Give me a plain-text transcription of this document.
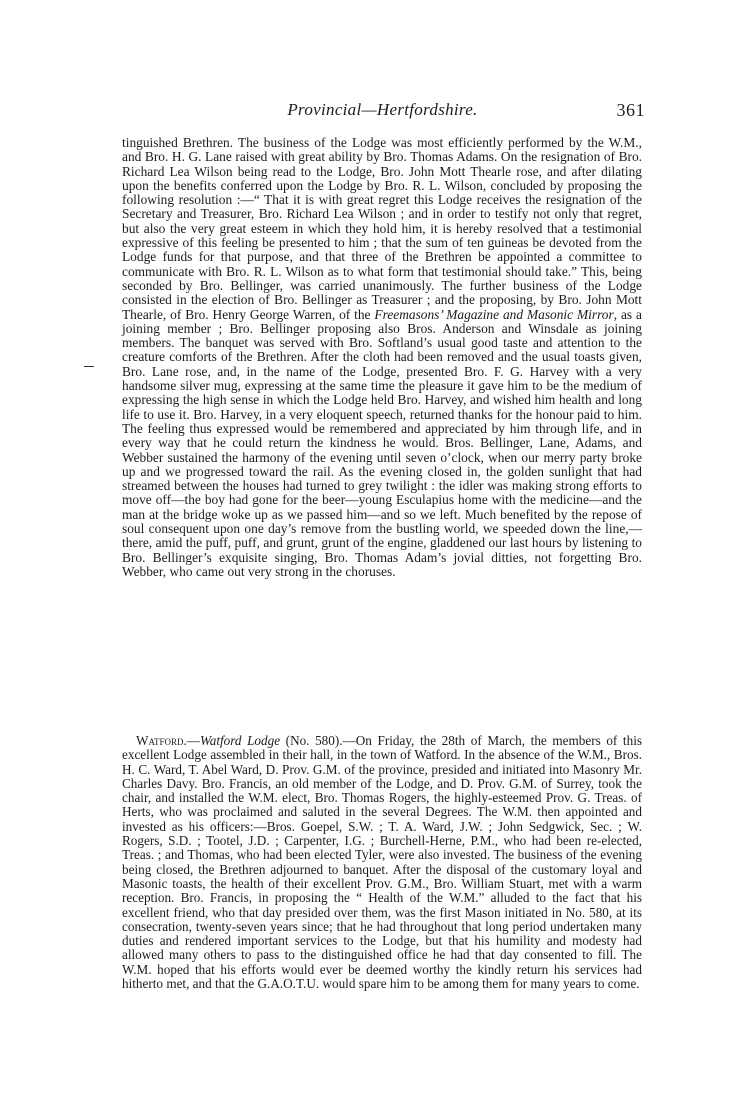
Provincial—Hertfordshire.	361

tinguished Brethren. The business of the Lodge was most efficiently performed by the W.M., and Bro. H. G. Lane raised with great ability by Bro. Thomas Adams. On the resignation of Bro. Richard Lea Wilson being read to the Lodge, Bro. John Mott Thearle rose, and after dilating upon the benefits conferred upon the Lodge by Bro. R. L. Wilson, concluded by proposing the following resolution :—“ That it is with great regret this Lodge receives the resignation of the Secretary and Treasurer, Bro. Richard Lea Wilson ; and in order to testify not only that regret, but also the very great esteem in which they hold him, it is hereby resolved that a testimonial expressive of this feeling be presented to him ; that the sum of ten guineas be devoted from the Lodge funds for that purpose, and that three of the Brethren be appointed a committee to communicate with Bro. R. L. Wilson as to what form that testimonial should take.” This, being seconded by Bro. Bellinger, was carried unanimously. The further business of the Lodge consisted in the election of Bro. Bellinger as Treasurer ; and the proposing, by Bro. John Mott Thearle, of Bro. Henry George Warren, of the Freemasons’ Magazine and Masonic Mirror, as a joining member ; Bro. Bellinger proposing also Bros. Anderson and Winsdale as joining members. The banquet was served with Bro. Softland’s usual good taste and attention to the creature comforts of the Brethren. After the cloth had been removed and the usual toasts given, Bro. Lane rose, and, in the name of the Lodge, presented Bro. F. G. Harvey with a very handsome silver mug, expressing at the same time the pleasure it gave him to be the medium of expressing the high sense in which the Lodge held Bro. Harvey, and wished him health and long life to use it. Bro. Harvey, in a very eloquent speech, returned thanks for the honour paid to him. The feeling thus expressed would be remembered and appreciated by him through life, and in every way that he could return the kindness he would. Bros. Bellinger, Lane, Adams, and Webber sustained the harmony of the evening until seven o’clock, when our merry party broke up and we progressed toward the rail. As the evening closed in, the golden sunlight that had streamed between the houses had turned to grey twilight : the idler was making strong efforts to move off—the boy had gone for the beer—young Esculapius home with the medicine—and the man at the bridge woke up as we passed him—and so we left. Much benefited by the repose of soul consequent upon one day’s remove from the bustling world, we speeded down the line,—there, amid the puff, puff, and grunt, grunt of the engine, gladdened our last hours by listening to Bro. Bellinger’s exquisite singing, Bro. Thomas Adam’s jovial ditties, not forgetting Bro. Webber, who came out very strong in the choruses.

Watford.—Watford Lodge (No. 580).—On Friday, the 28th of March, the members of this excellent Lodge assembled in their hall, in the town of Watford. In the absence of the W.M., Bros. H. C. Ward, T. Abel Ward, D. Prov. G.M. of the province, presided and initiated into Masonry Mr. Charles Davy. Bro. Francis, an old member of the Lodge, and D. Prov. G.M. of Surrey, took the chair, and installed the W.M. elect, Bro. Thomas Rogers, the highly-esteemed Prov. G. Treas. of Herts, who was proclaimed and saluted in the several Degrees. The W.M. then appointed and invested as his officers:—Bros. Goepel, S.W. ; T. A. Ward, J.W. ; John Sedgwick, Sec. ; W. Rogers, S.D. ; Tootel, J.D. ; Carpenter, I.G. ; Burchell-Herne, P.M., who had been re-elected, Treas. ; and Thomas, who had been elected Tyler, were also invested. The business of the evening being closed, the Brethren adjourned to banquet. After the disposal of the customary loyal and Masonic toasts, the health of their excellent Prov. G.M., Bro. William Stuart, met with a warm reception. Bro. Francis, in proposing the “ Health of the W.M.” alluded to the fact that his excellent friend, who that day presided over them, was the first Mason initiated in No. 580, at its consecration, twenty-seven years since; that he had throughout that long period undertaken many duties and rendered important services to the Lodge, but that his humility and modesty had allowed many others to pass to the distinguished office he had that day consented to fill. The W.M. hoped that his efforts would ever be deemed worthy the kindly return his services had hitherto met, and that the G.A.O.T.U. would spare him to be among them for many years to come.
